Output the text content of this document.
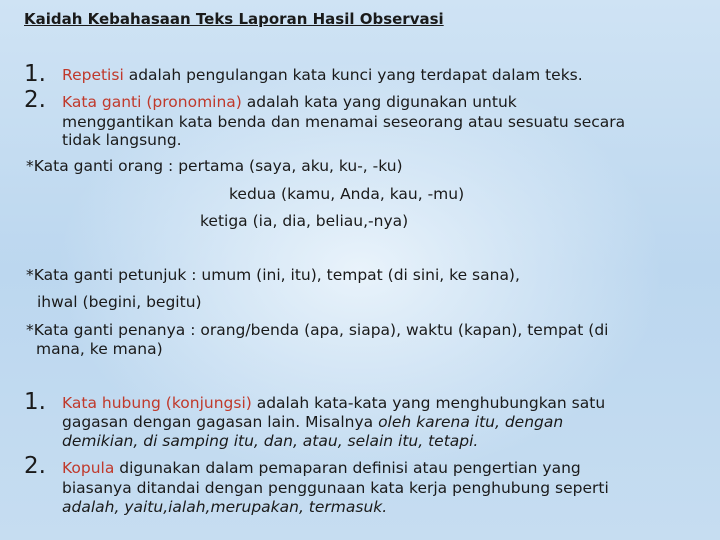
Kaidah Kebahasaan Teks Laporan Hasil Observasi
1. Repetisi adalah pengulangan kata kunci yang terdapat dalam teks.
2. Kata ganti (pronomina) adalah kata yang digunakan untuk
menggantikan kata benda dan menamai seseorang atau sesuatu secara
tidak langsung.
*Kata ganti orang : pertama (saya, aku, ku-, -ku)
kedua (kamu, Anda, kau, -mu)
ketiga (ia, dia, beliau,-nya)
*Kata ganti petunjuk : umum (ini, itu), tempat (di sini, ke sana),
ihwal (begini, begitu)
*Kata ganti penanya : orang/benda (apa, siapa), waktu (kapan), tempat (di
mana, ke mana)
1. Kata hubung (konjungsi) adalah kata-kata yang menghubungkan satu
gagasan dengan gagasan lain. Misalnya oleh karena itu, dengan
demikian, di samping itu, dan, atau, selain itu, tetapi.
2. Kopula digunakan dalam pemaparan definisi atau pengertian yang
biasanya ditandai dengan penggunaan kata kerja penghubung seperti
adalah, yaitu,ialah,merupakan, termasuk.
